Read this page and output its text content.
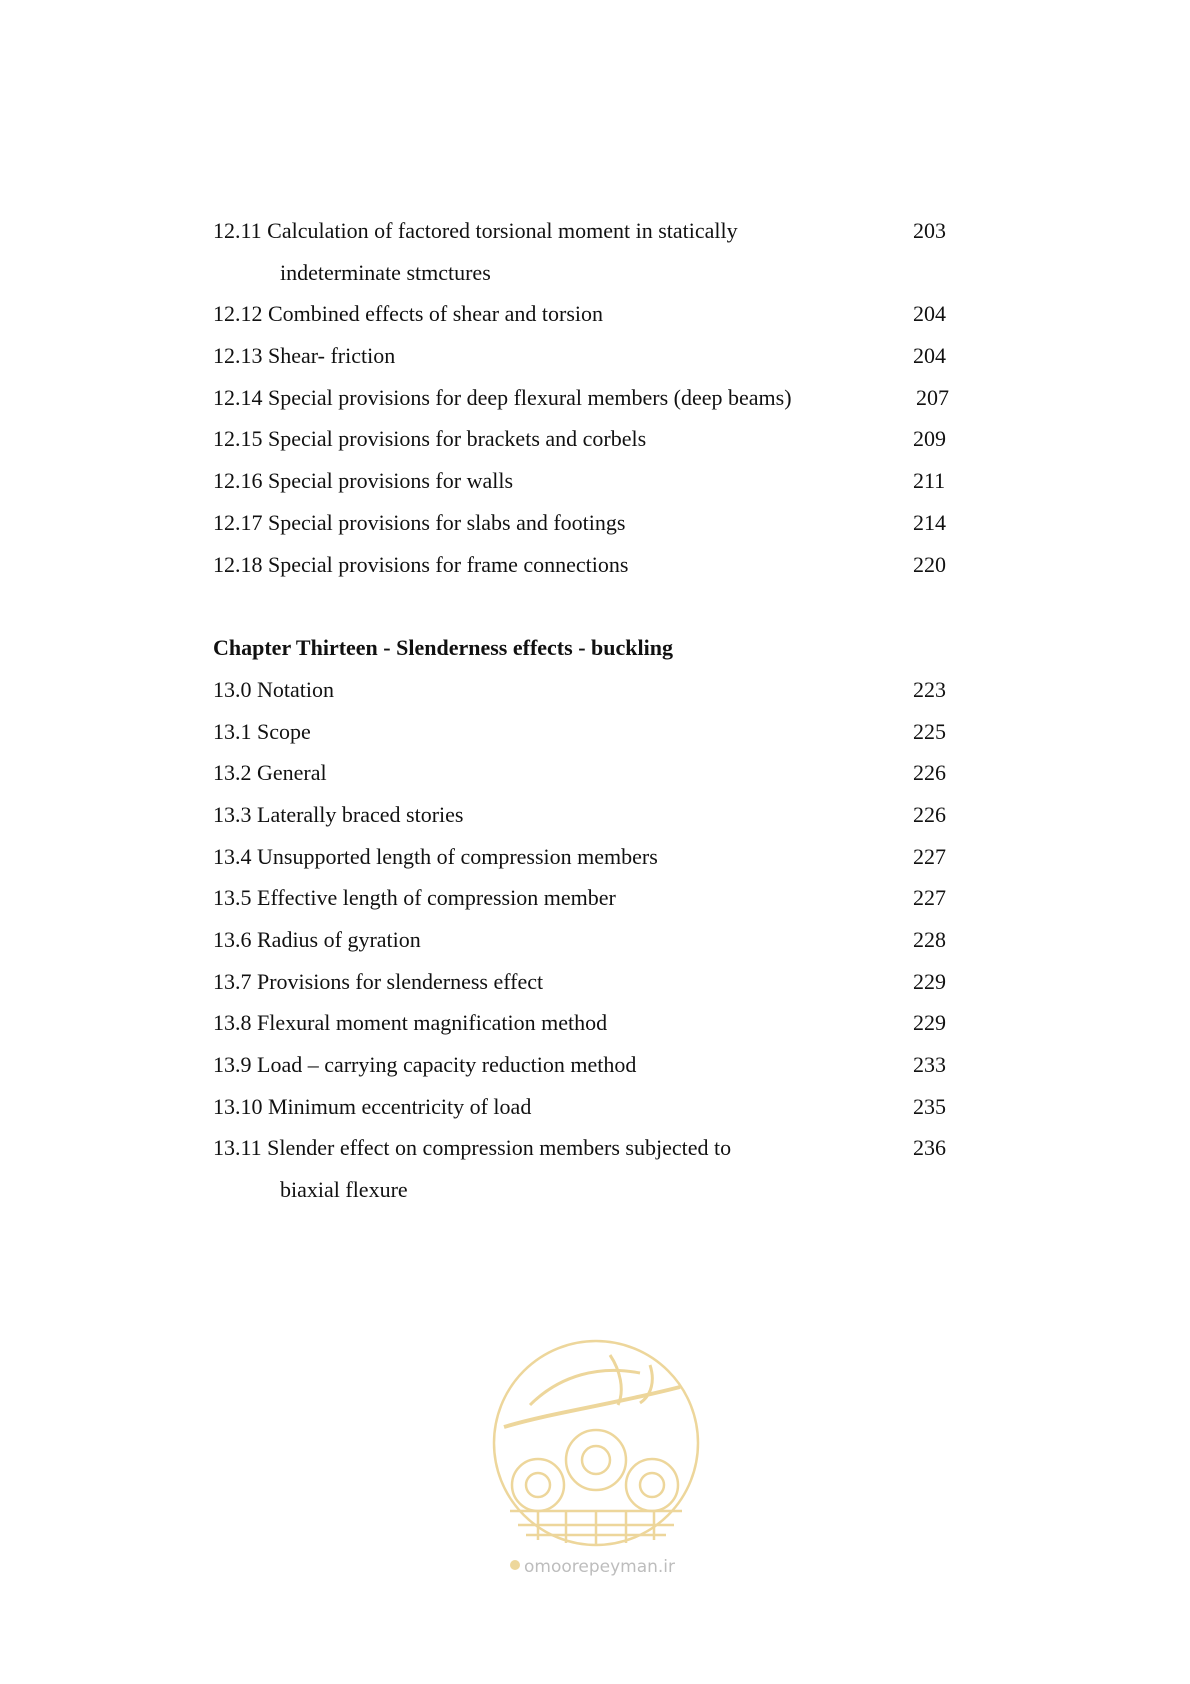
12.11 Calculation of factored torsional moment in statically	203
indeterminate stmctures
12.12 Combined effects of shear and torsion	204
12.13 Shear- friction	204
12.14 Special provisions for deep flexural members (deep beams)	207
12.15 Special provisions for brackets and corbels	209
12.16 Special provisions for walls	211
12.17 Special provisions for slabs and footings	214
12.18 Special provisions for frame connections	220
Chapter Thirteen - Slenderness effects - buckling
13.0 Notation	223
13.1 Scope	225
13.2 General	226
13.3 Laterally braced stories	226
13.4 Unsupported length of compression members	227
13.5 Effective length of compression member	227
13.6 Radius of gyration	228
13.7 Provisions for slenderness effect	229
13.8 Flexural moment magnification method	229
13.9 Load – carrying capacity reduction method	233
13.10 Minimum eccentricity of load	235
13.11 Slender effect on compression members subjected to	236
biaxial flexure
omoorepeyman.ir
